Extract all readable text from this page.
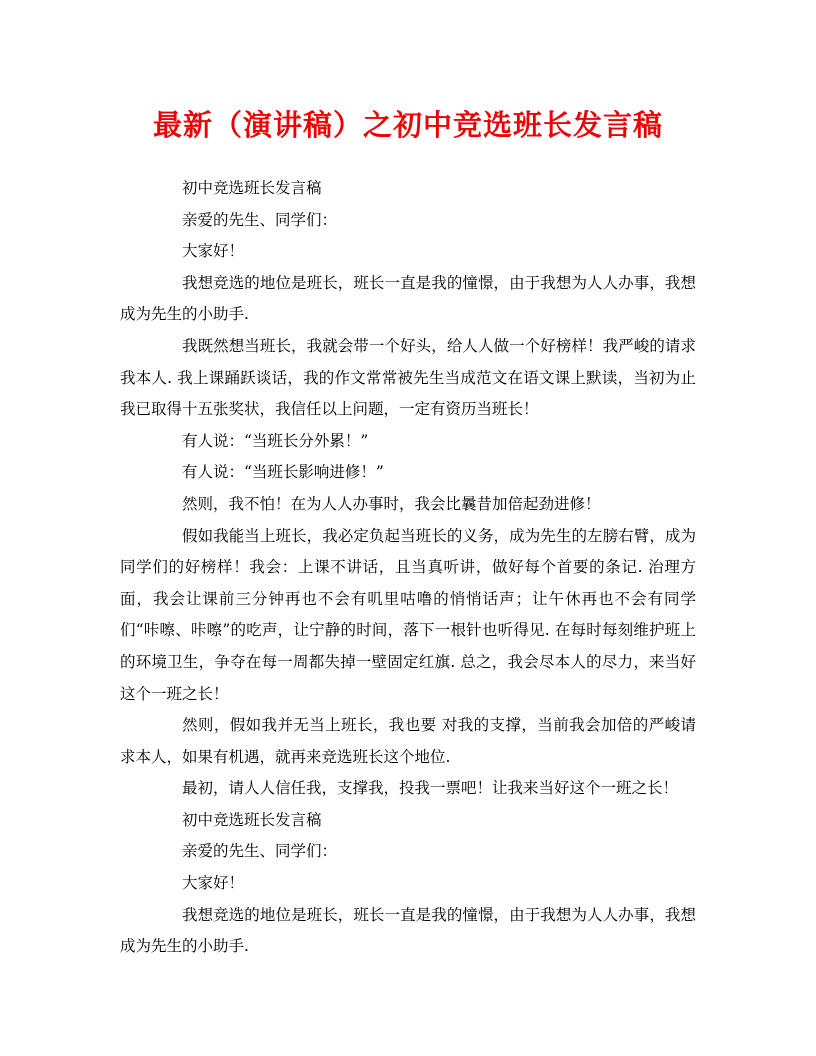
最新（演讲稿）之初中竞选班长发言稿

初中竞选班长发言稿

亲爱的先生、同学们：

大家好！

我想竞选的地位是班长，班长一直是我的憧憬，由于我想为人人办事，我想成为先生的小助手.

我既然想当班长，我就会带一个好头，给人人做一个好榜样！我严峻的请求我本人. 我上课踊跃谈话，我的作文常常被先生当成范文在语文课上默读，当初为止我已取得十五张奖状，我信任以上问题，一定有资历当班长！

有人说：“当班长分外累！”

有人说：“当班长影响进修！”

然则，我不怕！在为人人办事时，我会比曩昔加倍起劲进修！

假如我能当上班长，我必定负起当班长的义务，成为先生的左膀右臂，成为同学们的好榜样！我会：上课不讲话，且当真听讲，做好每个首要的条记. 治理方面，我会让课前三分钟再也不会有叽里咕噜的悄悄话声；让午休再也不会有同学们“咔嚓、咔嚓”的吃声，让宁静的时间，落下一根针也听得见. 在每时每刻维护班上的环境卫生，争夺在每一周都失掉一壁固定红旗. 总之，我会尽本人的尽力，来当好这个一班之长！

然则，假如我并无当上班长，我也要 对我的支撑，当前我会加倍的严峻请求本人，如果有机遇，就再来竞选班长这个地位.

最初，请人人信任我，支撑我，投我一票吧！让我来当好这个一班之长！

初中竞选班长发言稿

亲爱的先生、同学们：

大家好！

我想竞选的地位是班长，班长一直是我的憧憬，由于我想为人人办事，我想成为先生的小助手.
